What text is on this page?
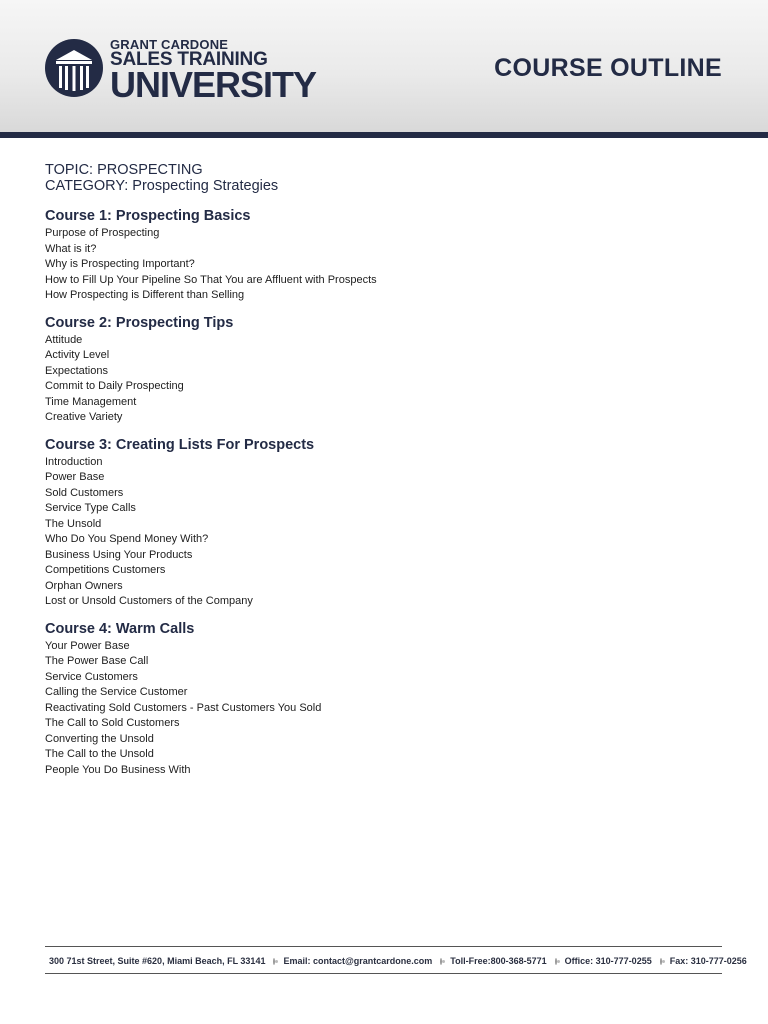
GRANT CARDONE
SALES TRAINING
UNIVERSITY	COURSE OUTLINE
TOPIC: PROSPECTING
CATEGORY: Prospecting Strategies
Course 1: Prospecting Basics
Purpose of Prospecting
What is it?
Why is Prospecting Important?
How to Fill Up Your Pipeline So That You are Affluent with Prospects
How Prospecting is Different than Selling
Course 2: Prospecting Tips
Attitude
Activity Level
Expectations
Commit to Daily Prospecting
Time Management
Creative Variety
Course 3: Creating Lists For Prospects
Introduction
Power Base
Sold Customers
Service Type Calls
The Unsold
Who Do You Spend Money With?
Business Using Your Products
Competitions Customers
Orphan Owners
Lost or Unsold Customers of the Company
Course 4: Warm Calls
Your Power Base
The Power Base Call
Service Customers
Calling the Service Customer
Reactivating Sold Customers - Past Customers You Sold
The Call to Sold Customers
Converting the Unsold
The Call to the Unsold
People You Do Business With
300 71st Street, Suite #620, Miami Beach, FL 33141 Email: contact@grantcardone.com Toll-Free:800-368-5771 Office: 310-777-0255 Fax: 310-777-0256
